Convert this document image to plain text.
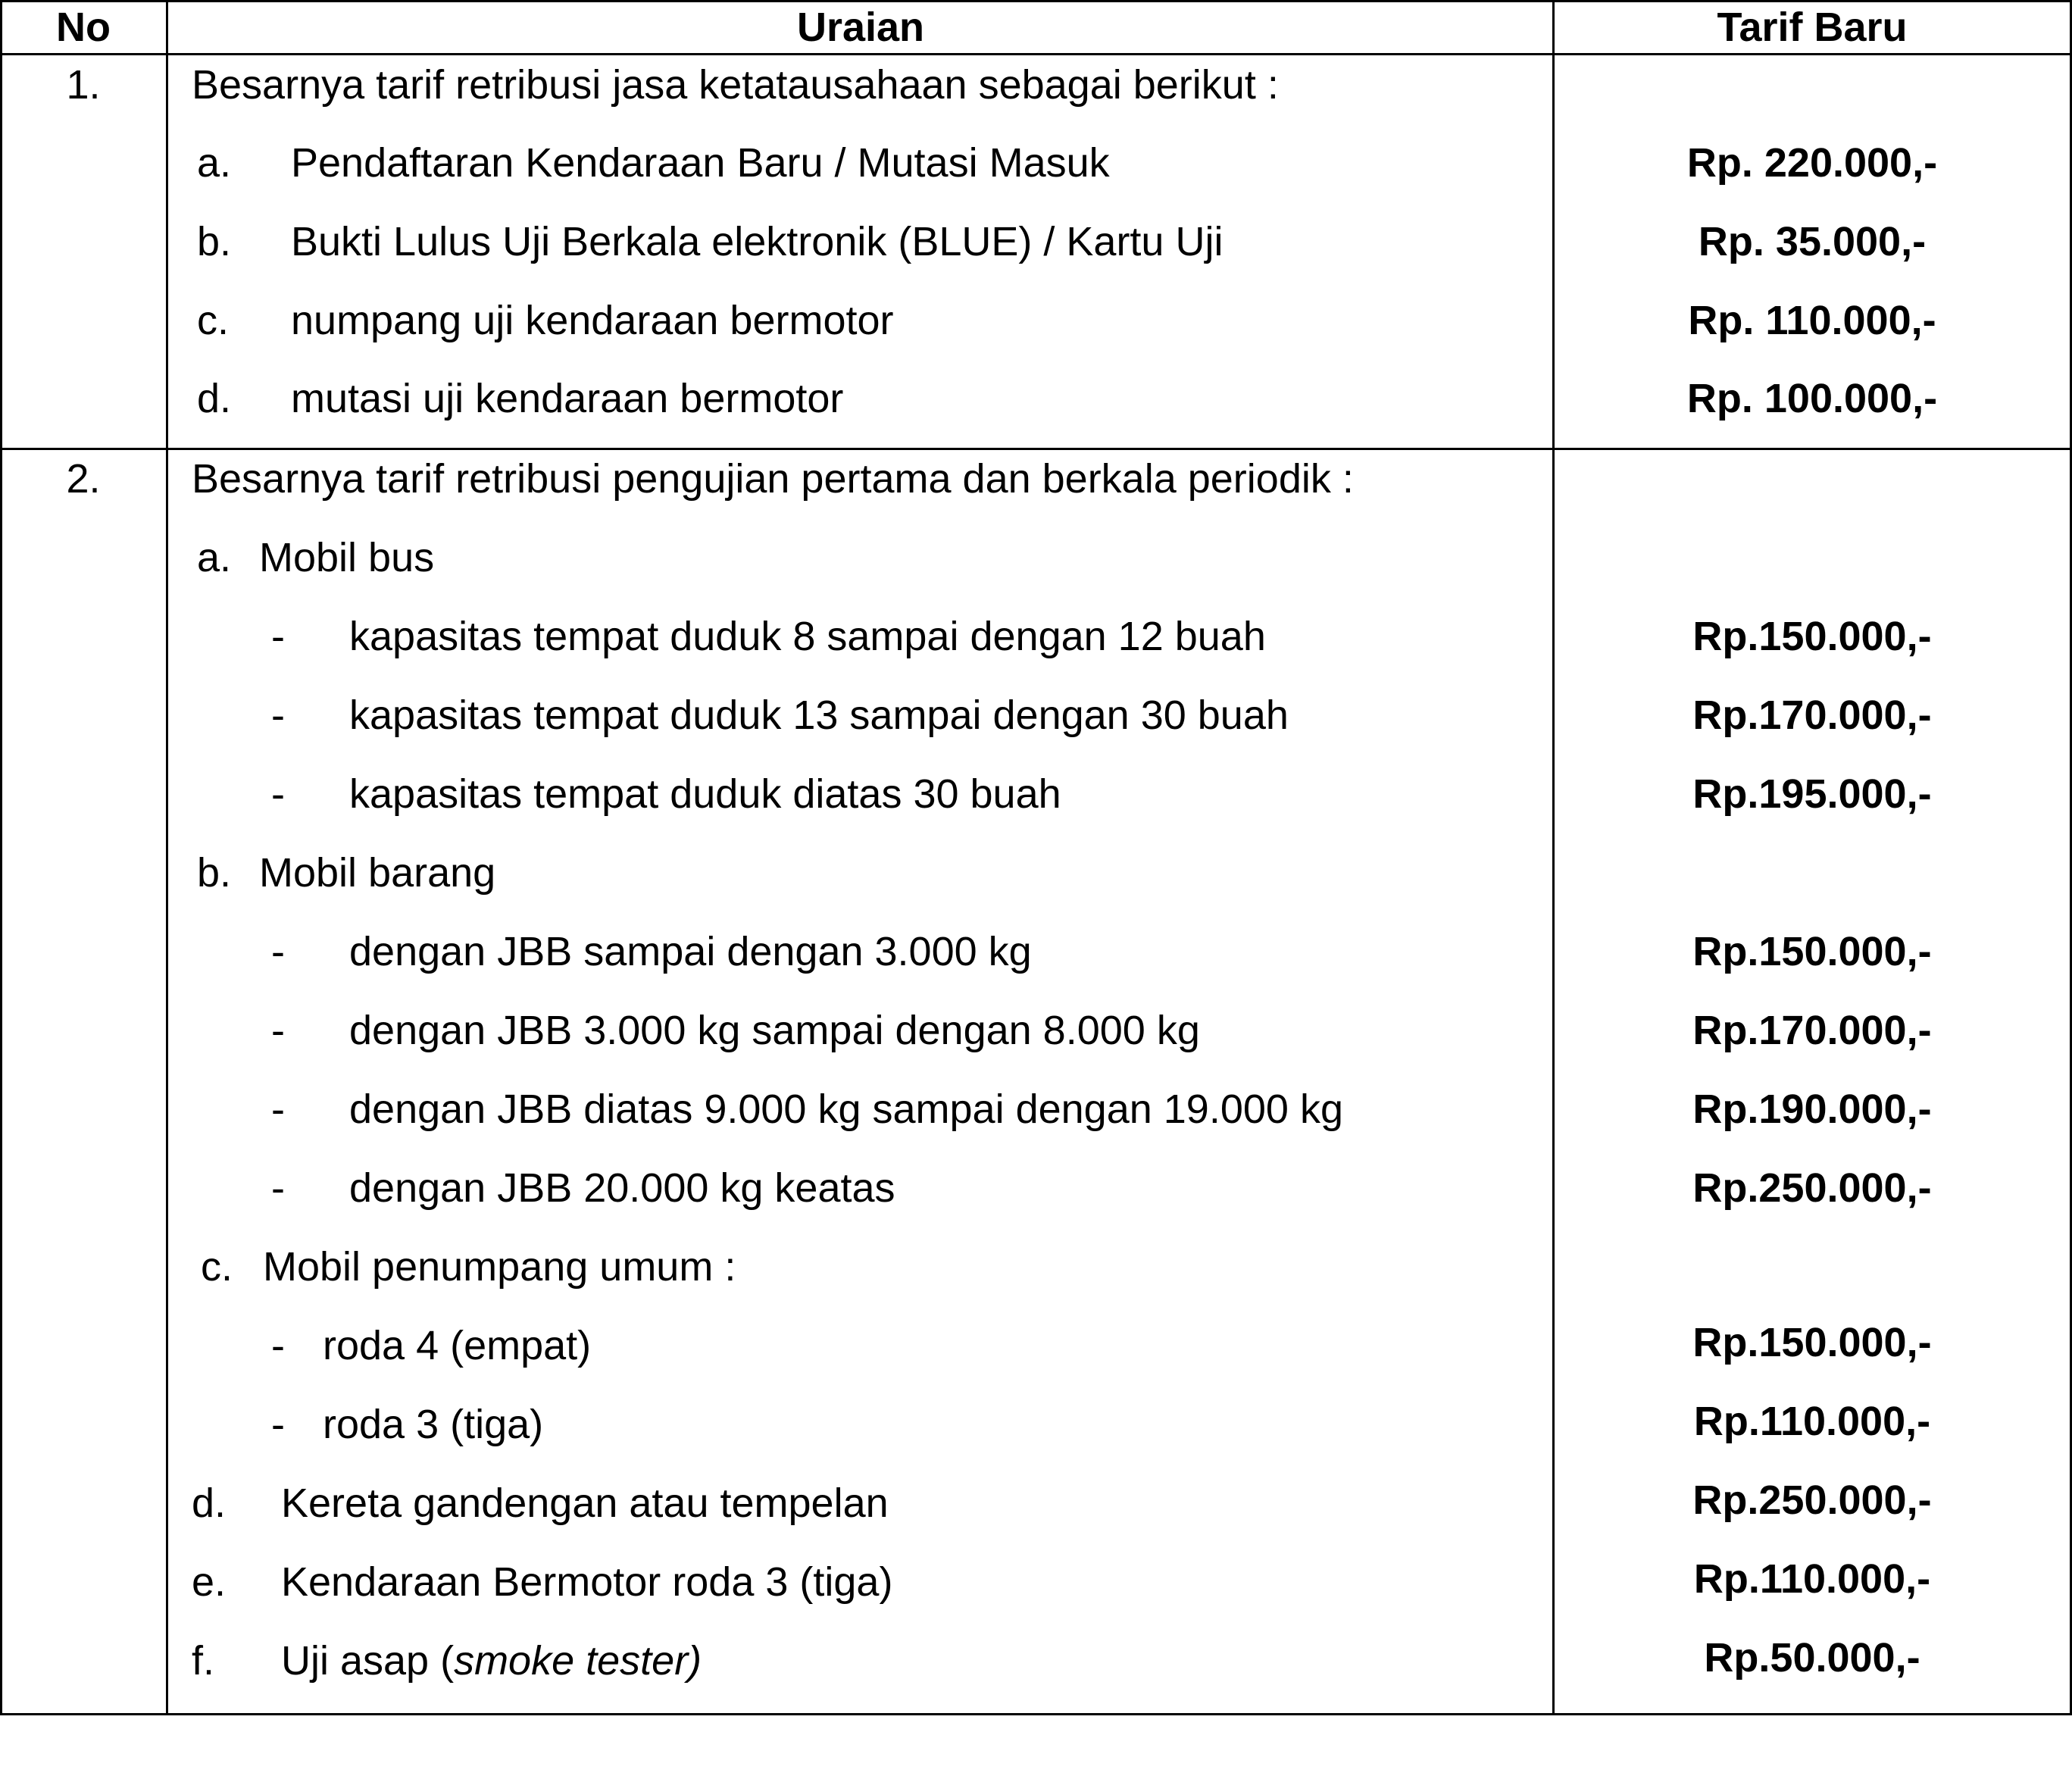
No	Uraian	Tarif Baru
1.	Besarnya tarif retribusi jasa ketatausahaan sebagai berikut :
a. Pendaftaran Kendaraan Baru / Mutasi Masuk	Rp. 220.000,-
b. Bukti Lulus Uji Berkala elektronik (BLUE) / Kartu Uji	Rp. 35.000,-
c. numpang uji kendaraan bermotor	Rp. 110.000,-
d. mutasi uji kendaraan bermotor	Rp. 100.000,-
2.	Besarnya tarif retribusi pengujian pertama dan berkala periodik :
a. Mobil bus
- kapasitas tempat duduk 8 sampai dengan 12 buah	Rp.150.000,-
- kapasitas tempat duduk 13 sampai dengan 30 buah	Rp.170.000,-
- kapasitas tempat duduk diatas 30 buah	Rp.195.000,-
b. Mobil barang
- dengan JBB sampai dengan 3.000 kg	Rp.150.000,-
- dengan JBB 3.000 kg sampai dengan 8.000 kg	Rp.170.000,-
- dengan JBB diatas 9.000 kg sampai dengan 19.000 kg	Rp.190.000,-
- dengan JBB 20.000 kg keatas	Rp.250.000,-
c. Mobil penumpang umum :
- roda 4 (empat)	Rp.150.000,-
- roda 3 (tiga)	Rp.110.000,-
d. Kereta gandengan atau tempelan	Rp.250.000,-
e. Kendaraan Bermotor roda 3 (tiga)	Rp.110.000,-
f. Uji asap (smoke tester)	Rp.50.000,-
